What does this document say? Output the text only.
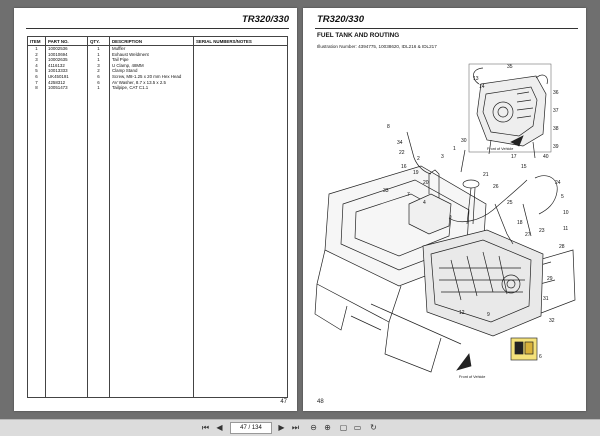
TR320/330
ITEM	PART NO.	QTY.	DESCRIPTION	SERIAL NUMBERS/NOTES
1	10002536	1	Muffler	
2	10010694	1	Exhaust Weldment	
3	10002635	1	Tail Pipe	
4	4116132	3	U Clamp, 48MM	
5	10013333	2	Clamp Stand	
6	UK450191	6	Screw, M8-1.25 x 20 mm Hex Head	
7	4258312	6	AV Washer, 8.7 x 13.5 x 2.5	
8	10051473	1	Tailpipe, CAT C1.1	

47
TR320/330
FUEL TANK AND ROUTING
Illustration Number: 4394775, 10038620, IDL216 & IDL217
35
13
14
36
37
38
39
40
8
34
22
2	3
1
30
17
15
16
19
20
21
26
33
7
4	25
24
5
10
11
18
27
28
29
31
32
6
9
12
23
Front of Vehicle
Front of Vehicle
48
⏮ ◀	47 / 134	▶ ⏭ ⊖ ⊕ ▢ ▭ ↻
